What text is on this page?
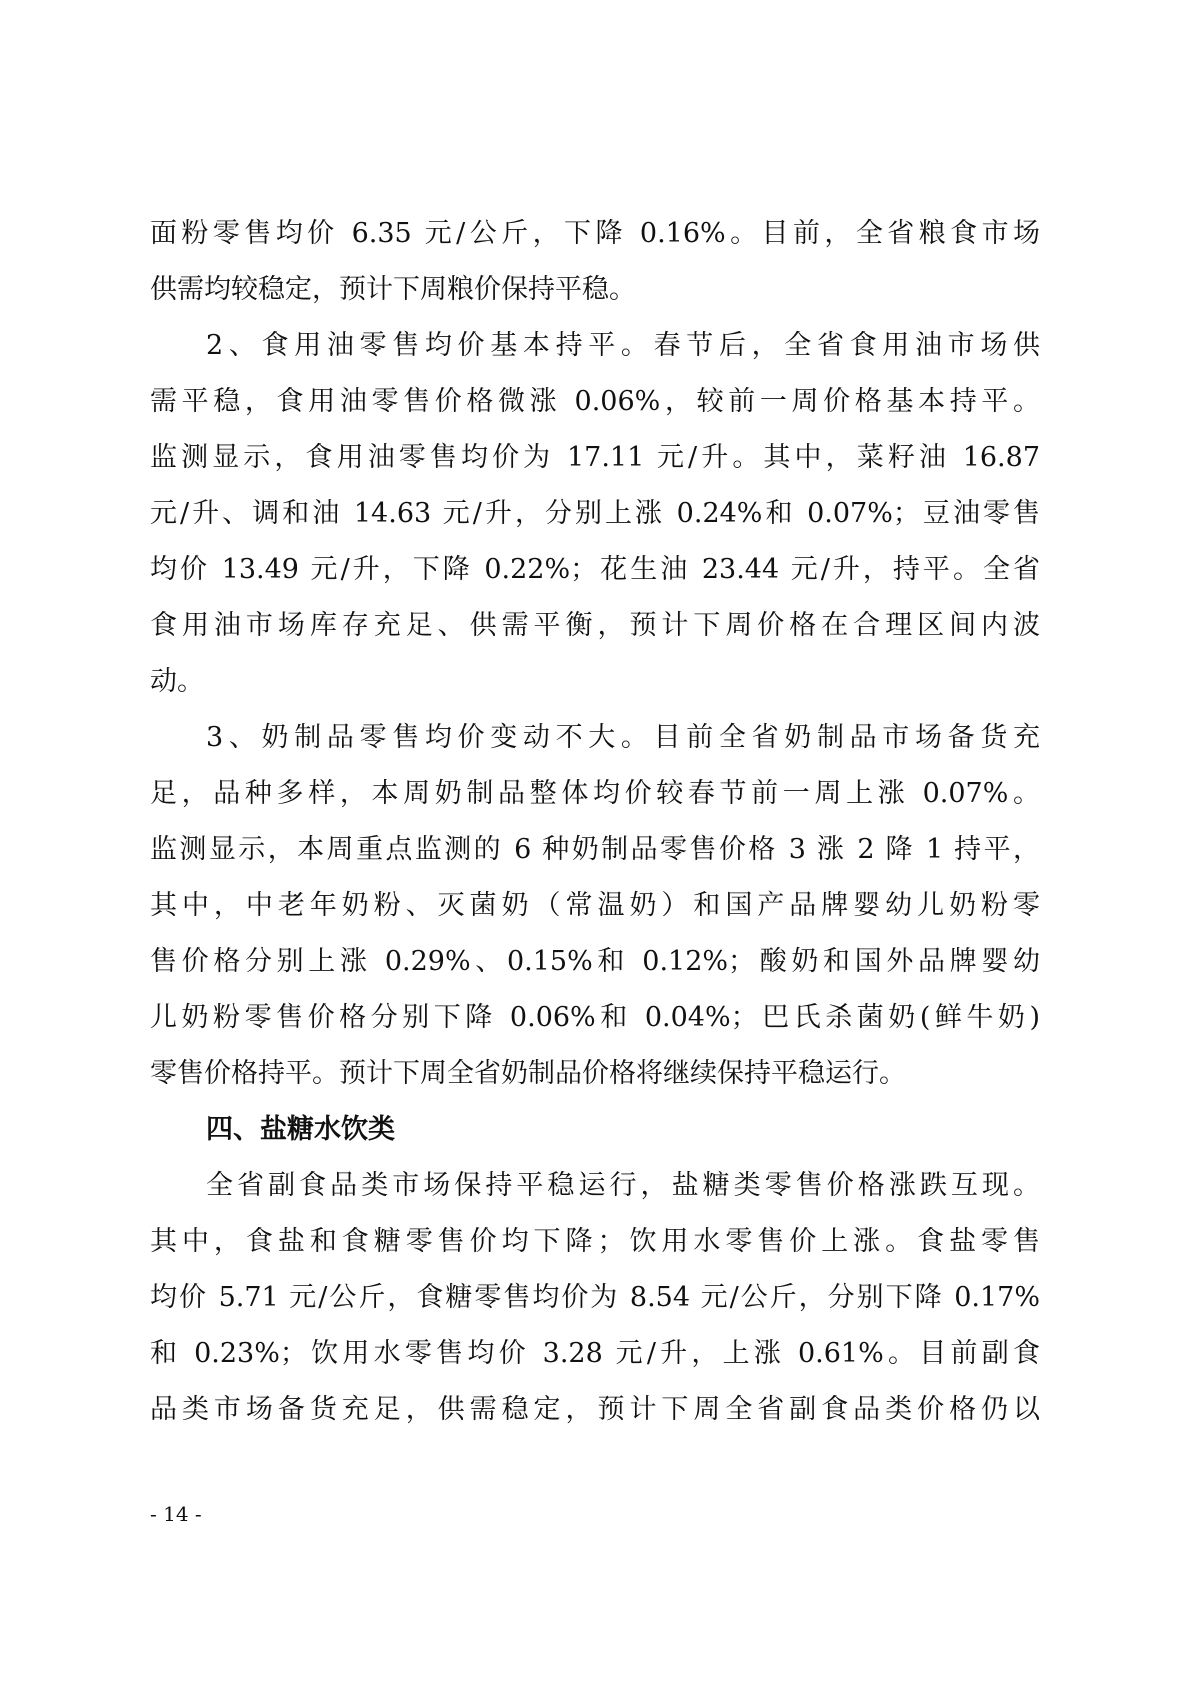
面粉零售均价 6.35 元/公斤，下降 0.16%。目前，全省粮食市场
供需均较稳定，预计下周粮价保持平稳。
2、食用油零售均价基本持平。春节后，全省食用油市场供
需平稳，食用油零售价格微涨 0.06%，较前一周价格基本持平。
监测显示，食用油零售均价为 17.11 元/升。其中，菜籽油 16.87
元/升、调和油 14.63 元/升，分别上涨 0.24%和 0.07%；豆油零售
均价 13.49 元/升，下降 0.22%；花生油 23.44 元/升，持平。全省
食用油市场库存充足、供需平衡，预计下周价格在合理区间内波
动。
3、奶制品零售均价变动不大。目前全省奶制品市场备货充
足，品种多样，本周奶制品整体均价较春节前一周上涨 0.07%。
监测显示，本周重点监测的 6 种奶制品零售价格 3 涨 2 降 1 持平，
其中，中老年奶粉、灭菌奶（常温奶）和国产品牌婴幼儿奶粉零
售价格分别上涨 0.29%、0.15%和 0.12%；酸奶和国外品牌婴幼
儿奶粉零售价格分别下降 0.06%和 0.04%；巴氏杀菌奶(鲜牛奶)
零售价格持平。预计下周全省奶制品价格将继续保持平稳运行。
四、盐糖水饮类
全省副食品类市场保持平稳运行，盐糖类零售价格涨跌互现。
其中，食盐和食糖零售价均下降；饮用水零售价上涨。食盐零售
均价 5.71 元/公斤，食糖零售均价为 8.54 元/公斤，分别下降 0.17%
和 0.23%；饮用水零售均价 3.28 元/升，上涨 0.61%。目前副食
品类市场备货充足，供需稳定，预计下周全省副食品类价格仍以
- 14 -
